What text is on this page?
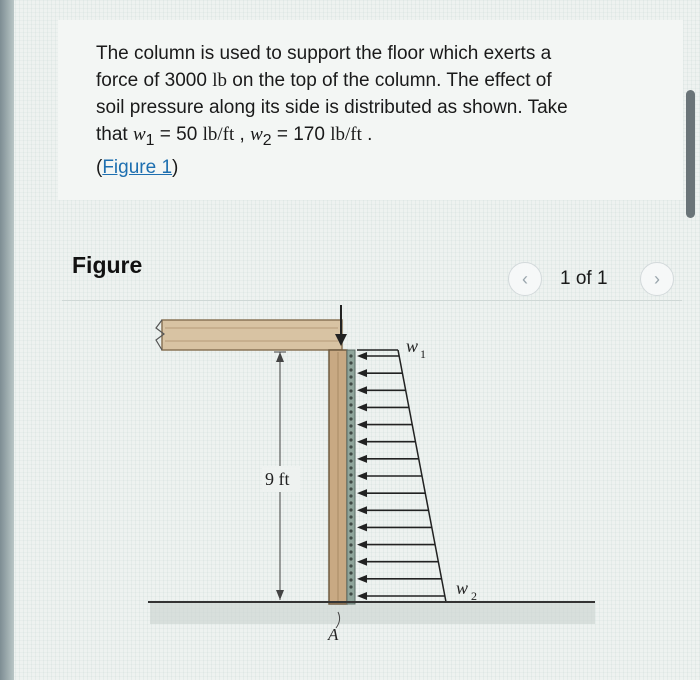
The column is used to support the floor which exerts a
force of 3000 lb on the top of the column. The effect of
soil pressure along its side is distributed as shown. Take
that $w_1 = 50$ lb/ft , $w_2 = 170$ lb/ft .
(Figure 1)

Figure
‹	1 of 1	›
9 ft
w 1
w 2
A
